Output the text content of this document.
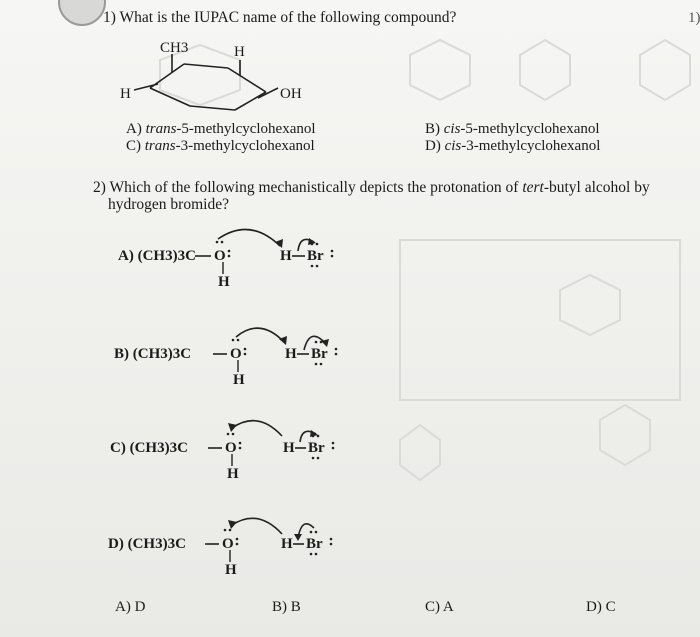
1) What is the IUPAC name of the following compound?	1)
CH3	H
H	OH
A) trans-5-methylcyclohexanol
C) trans-3-methylcyclohexanol
B) cis-5-methylcyclohexanol
D) cis-3-methylcyclohexanol
2) Which of the following mechanistically depicts the protonation of tert-butyl alcohol by
hydrogen bromide?
A) (CH3)3C O	H Br
H
B) (CH3)3C	O	H Br
H
C) (CH3)3C O	H Br
H
D) (CH3)3C O	H Br
H
A) D	B) B	C) A	D) C
